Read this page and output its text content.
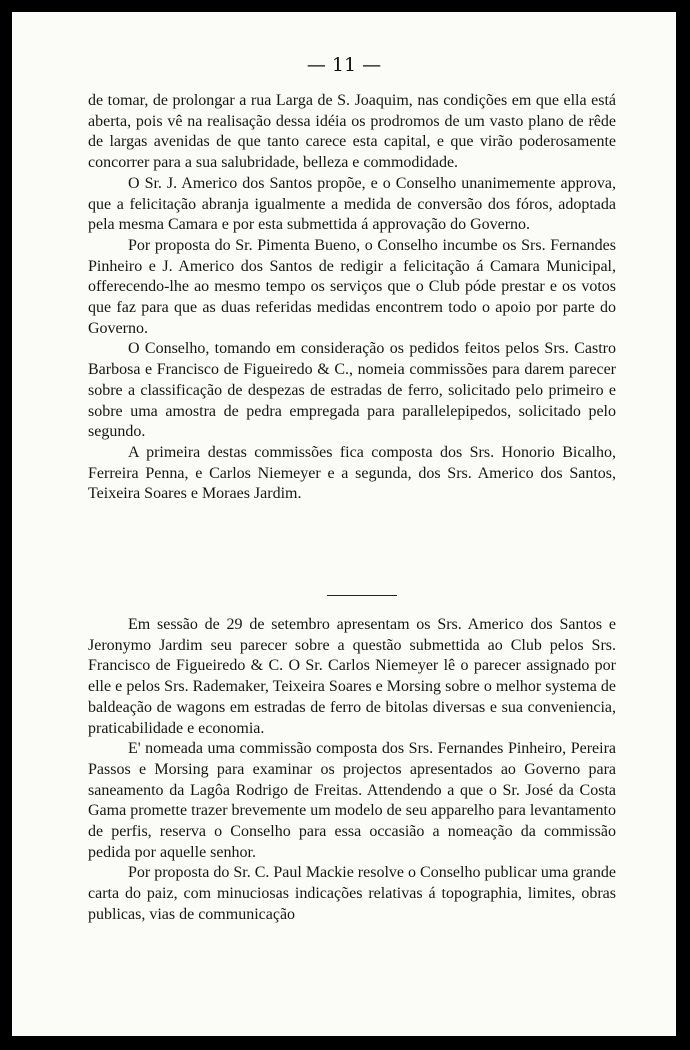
— 11 —

de tomar, de prolongar a rua Larga de S. Joaquim, nas condições em que ella está aberta, pois vê na realisação dessa idéia os prodromos de um vasto plano de rêde de largas avenidas de que tanto carece esta capital, e que virão poderosamente concorrer para a sua salubridade, belleza e commodidade.

O Sr. J. Americo dos Santos propõe, e o Conselho unanimemente approva, que a felicitação abranja igualmente a medida de conversão dos fóros, adoptada pela mesma Camara e por esta submettida á approvação do Governo.

Por proposta do Sr. Pimenta Bueno, o Conselho incumbe os Srs. Fernandes Pinheiro e J. Americo dos Santos de redigir a felicitação á Camara Municipal, offerecendo-lhe ao mesmo tempo os serviços que o Club póde prestar e os votos que faz para que as duas referidas medidas encontrem todo o apoio por parte do Governo.

O Conselho, tomando em consideração os pedidos feitos pelos Srs. Castro Barbosa e Francisco de Figueiredo & C., nomeia commissões para darem parecer sobre a classificação de despezas de estradas de ferro, solicitado pelo primeiro e sobre uma amostra de pedra empregada para parallelepipedos, solicitado pelo segundo.

A primeira destas commissões fica composta dos Srs. Honorio Bicalho, Ferreira Penna, e Carlos Niemeyer e a segunda, dos Srs. Americo dos Santos, Teixeira Soares e Moraes Jardim.

Em sessão de 29 de setembro apresentam os Srs. Americo dos Santos e Jeronymo Jardim seu parecer sobre a questão submettida ao Club pelos Srs. Francisco de Figueiredo & C. O Sr. Carlos Niemeyer lê o parecer assignado por elle e pelos Srs. Rademaker, Teixeira Soares e Morsing sobre o melhor systema de baldeação de wagons em estradas de ferro de bitolas diversas e sua conveniencia, praticabilidade e economia.

E' nomeada uma commissão composta dos Srs. Fernandes Pinheiro, Pereira Passos e Morsing para examinar os projectos apresentados ao Governo para saneamento da Lagôa Rodrigo de Freitas. Attendendo a que o Sr. José da Costa Gama promette trazer brevemente um modelo de seu apparelho para levantamento de perfis, reserva o Conselho para essa occasião a nomeação da commissão pedida por aquelle senhor.

Por proposta do Sr. C. Paul Mackie resolve o Conselho publicar uma grande carta do paiz, com minuciosas indicações relativas á topographia, limites, obras publicas, vias de communicação
